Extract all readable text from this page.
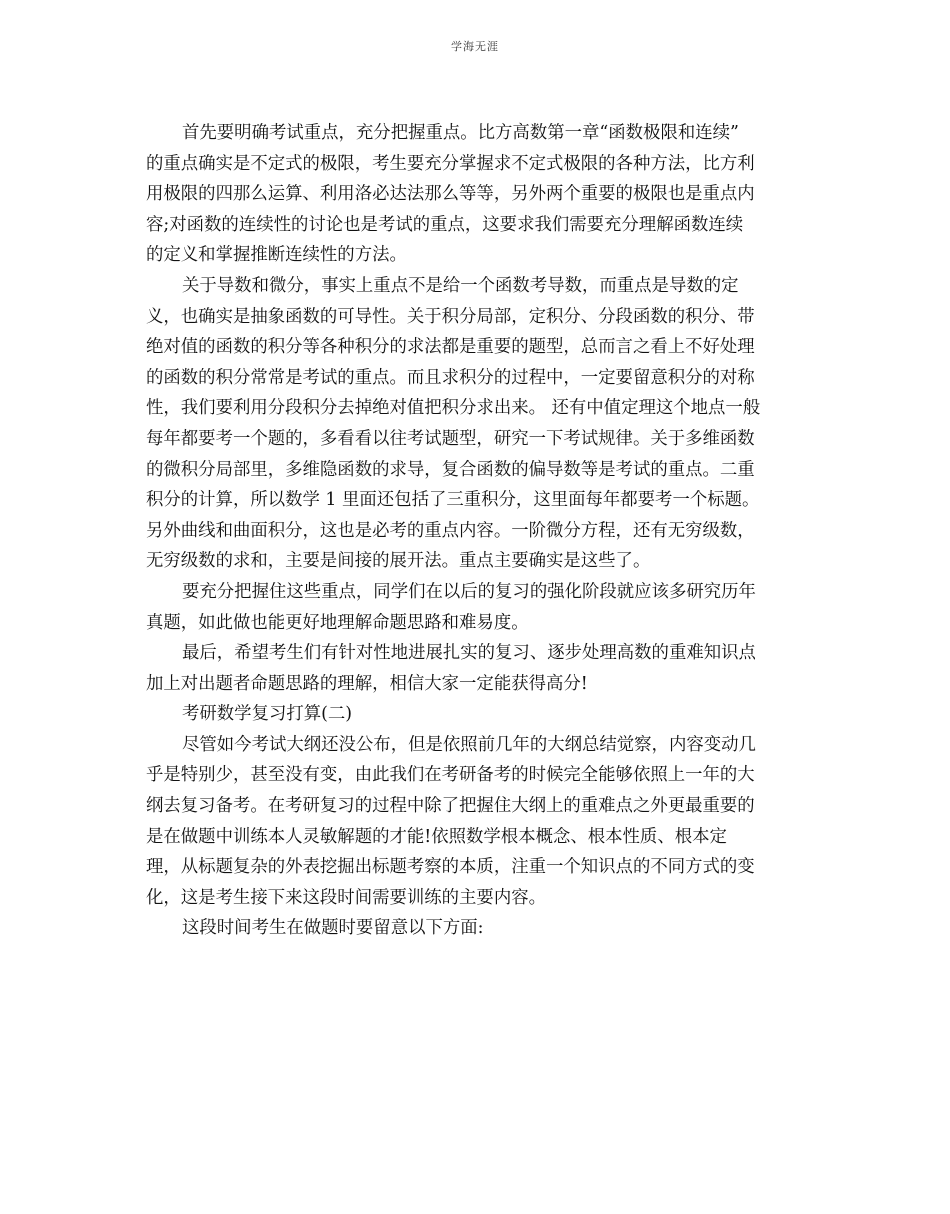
学海无涯

首先要明确考试重点，充分把握重点。比方高数第一章“函数极限和连续”
的重点确实是不定式的极限，考生要充分掌握求不定式极限的各种方法，比方利
用极限的四那么运算、利用洛必达法那么等等，另外两个重要的极限也是重点内
容;对函数的连续性的讨论也是考试的重点，这要求我们需要充分理解函数连续
的定义和掌握推断连续性的方法。

关于导数和微分，事实上重点不是给一个函数考导数，而重点是导数的定
义，也确实是抽象函数的可导性。关于积分局部，定积分、分段函数的积分、带
绝对值的函数的积分等各种积分的求法都是重要的题型，总而言之看上不好处理
的函数的积分常常是考试的重点。而且求积分的过程中，一定要留意积分的对称
性，我们要利用分段积分去掉绝对值把积分求出来。 还有中值定理这个地点一般
每年都要考一个题的，多看看以往考试题型，研究一下考试规律。关于多维函数
的微积分局部里，多维隐函数的求导，复合函数的偏导数等是考试的重点。二重
积分的计算，所以数学 1 里面还包括了三重积分，这里面每年都要考一个标题。
另外曲线和曲面积分，这也是必考的重点内容。一阶微分方程，还有无穷级数，
无穷级数的求和，主要是间接的展开法。重点主要确实是这些了。

要充分把握住这些重点，同学们在以后的复习的强化阶段就应该多研究历年
真题，如此做也能更好地理解命题思路和难易度。

最后，希望考生们有针对性地进展扎实的复习、逐步处理高数的重难知识点
加上对出题者命题思路的理解，相信大家一定能获得高分!

考研数学复习打算(二)

尽管如今考试大纲还没公布，但是依照前几年的大纲总结觉察，内容变动几
乎是特别少，甚至没有变，由此我们在考研备考的时候完全能够依照上一年的大
纲去复习备考。在考研复习的过程中除了把握住大纲上的重难点之外更最重要的
是在做题中训练本人灵敏解题的才能!依照数学根本概念、根本性质、根本定
理，从标题复杂的外表挖掘出标题考察的本质，注重一个知识点的不同方式的变
化，这是考生接下来这段时间需要训练的主要内容。

这段时间考生在做题时要留意以下方面:
